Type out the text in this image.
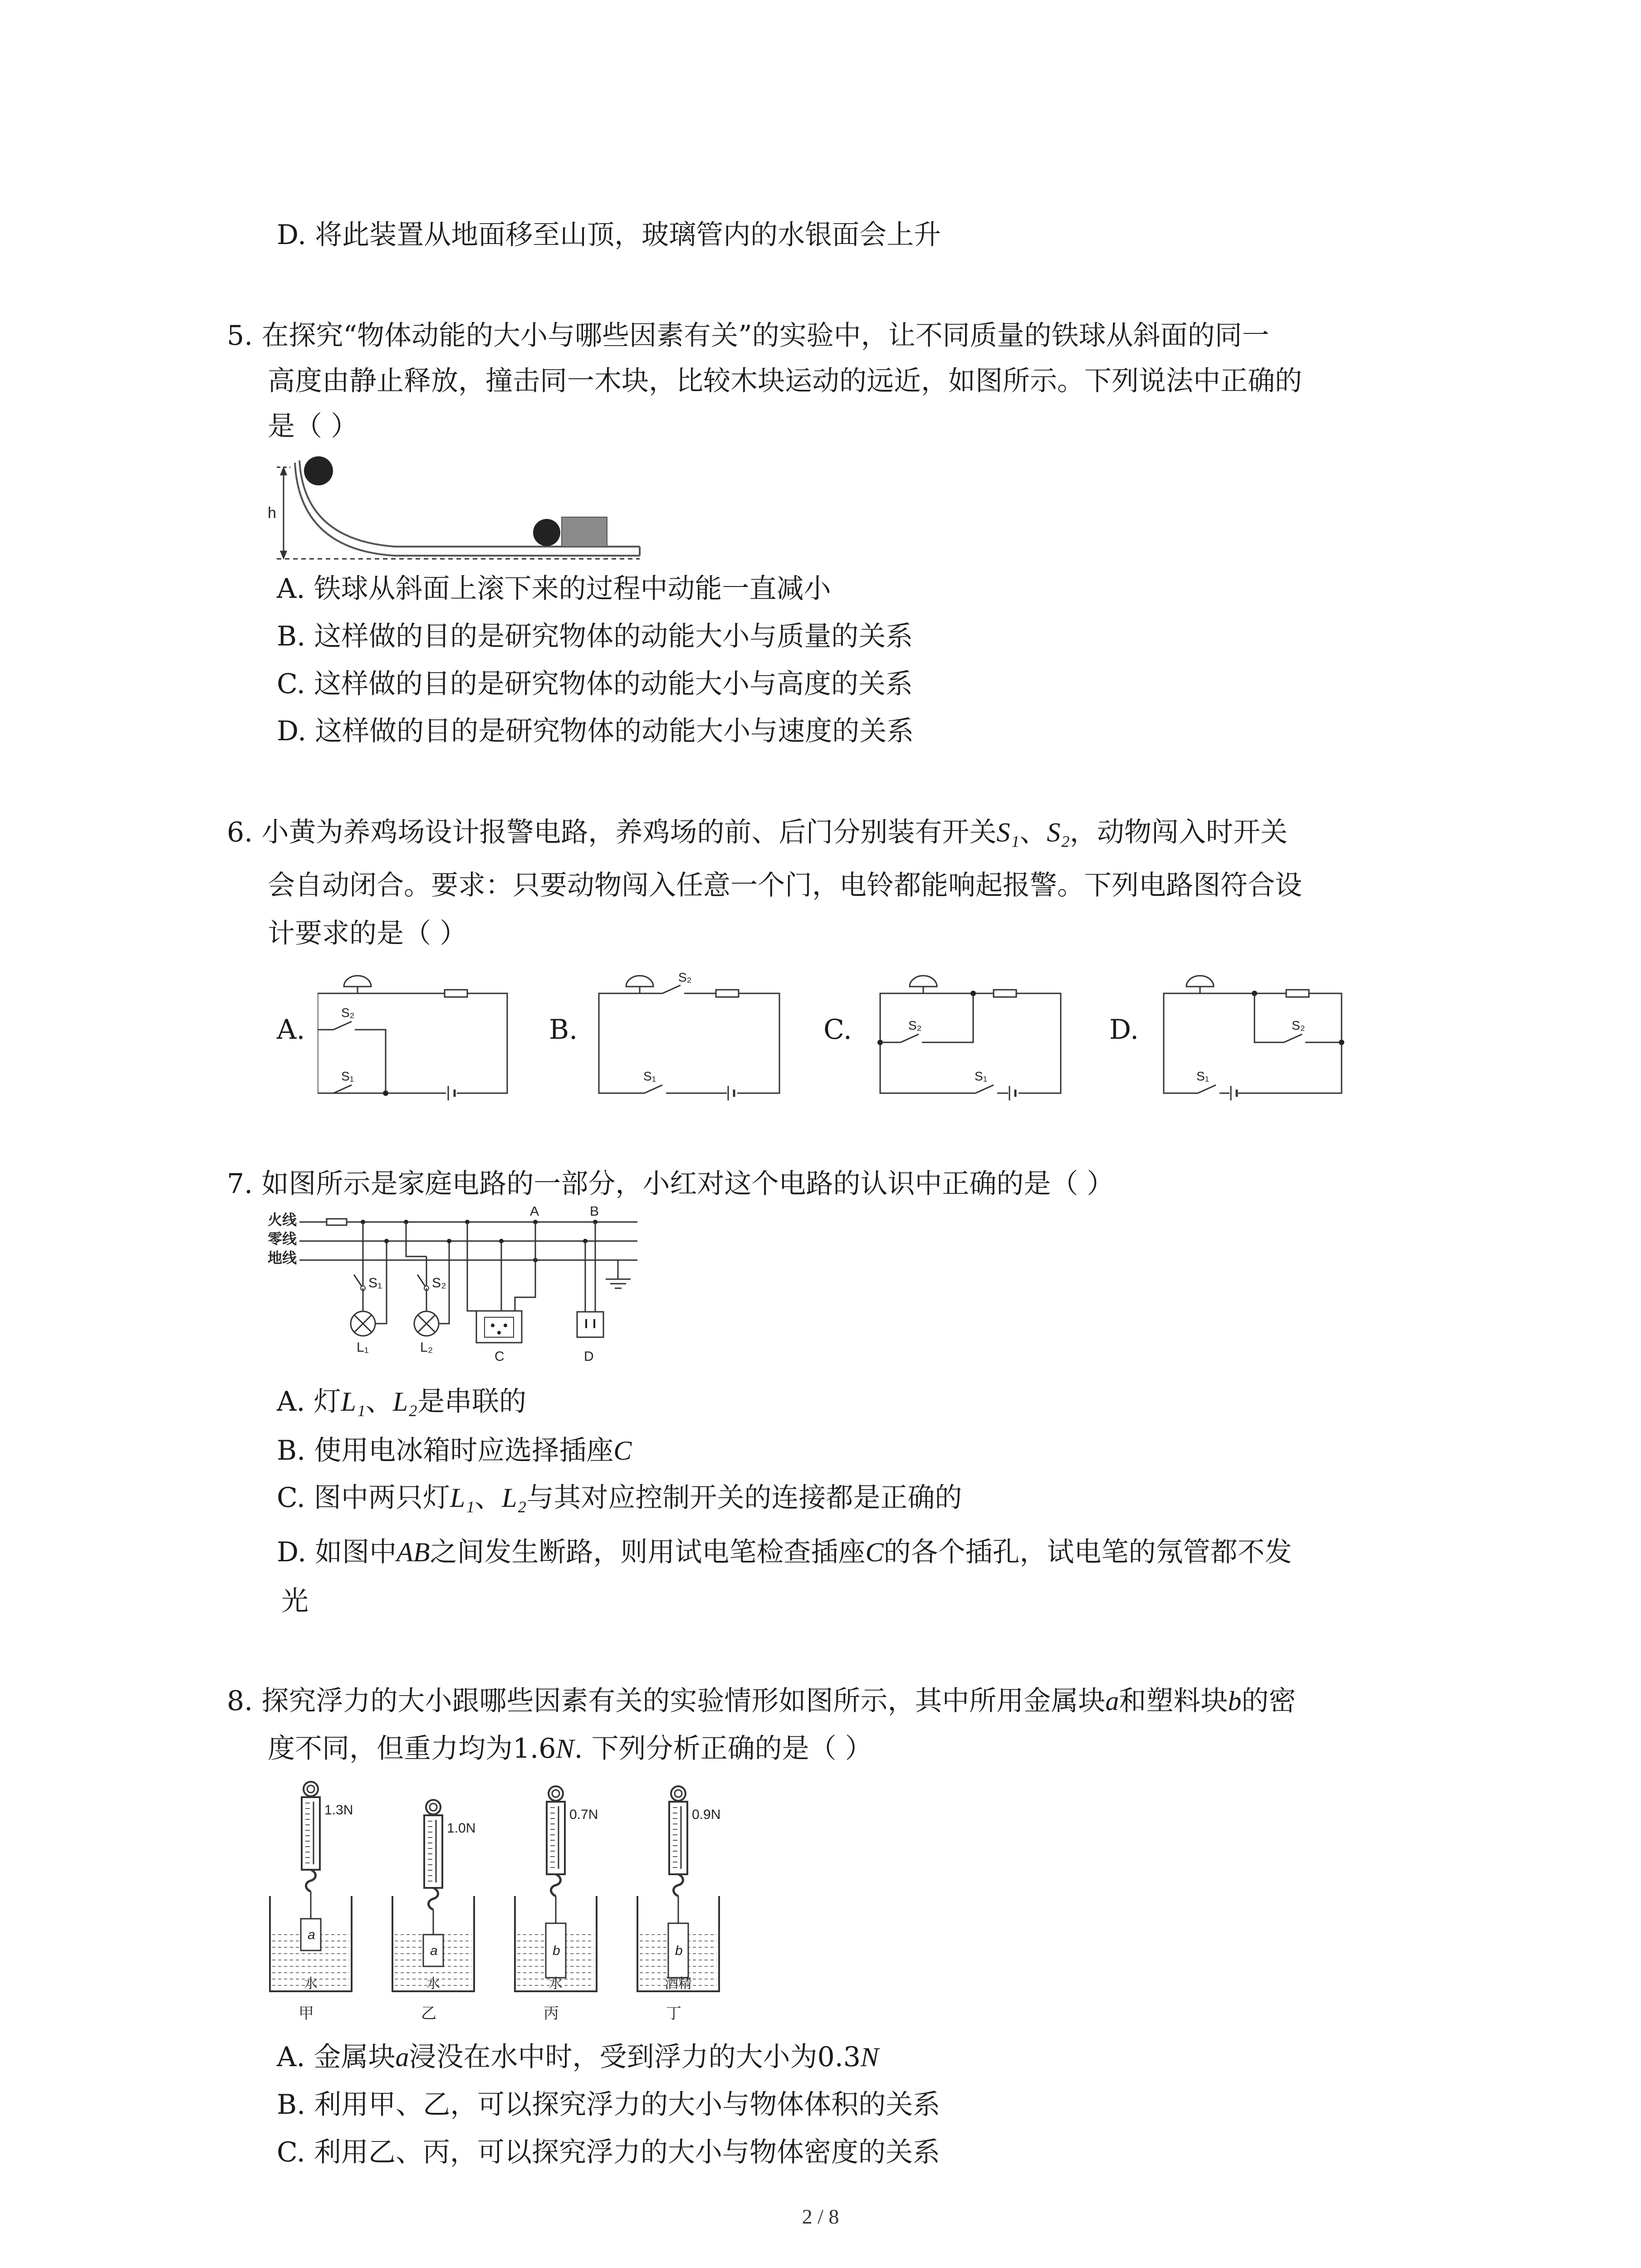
D. 将此装置从地面移至山顶，玻璃管内的水银面会上升
5. 在探究“物体动能的大小与哪些因素有关”的实验中，让不同质量的铁球从斜面的同一
高度由静止释放，撞击同一木块，比较木块运动的远近，如图所示。下列说法中正确的
是（ ）
h
A. 铁球从斜面上滚下来的过程中动能一直减小
B. 这样做的目的是研究物体的动能大小与质量的关系
C. 这样做的目的是研究物体的动能大小与高度的关系
D. 这样做的目的是研究物体的动能大小与速度的关系
6. 小黄为养鸡场设计报警电路，养鸡场的前、后门分别装有开关S₁、S₂，动物闯入时开关
会自动闭合。要求：只要动物闯入任意一个门，电铃都能响起报警。下列电路图符合设
计要求的是（ ）
A.	B.	C.	D.
S₂
S₁
S₂
S₁
S₂
S₁
S₂
S₁
7. 如图所示是家庭电路的一部分，小红对这个电路的认识中正确的是（ ）
火线
零线
地线
A	B
S₁
L₁
S₂
L₂
C	D
A. 灯L₁、L₂是串联的
B. 使用电冰箱时应选择插座C
C. 图中两只灯L₁、L₂与其对应控制开关的连接都是正确的
D. 如图中AB之间发生断路，则用试电笔检查插座C的各个插孔，试电笔的氖管都不发
光
8. 探究浮力的大小跟哪些因素有关的实验情形如图所示，其中所用金属块a和塑料块b的密
度不同，但重力均为1.6N. 下列分析正确的是（ ）
1.3N
a
水
甲
1.0N
a
水
乙
0.7N
b
水
丙
0.9N
b
酒精
丁
A. 金属块a浸没在水中时，受到浮力的大小为0.3N
B. 利用甲、乙，可以探究浮力的大小与物体体积的关系
C. 利用乙、丙，可以探究浮力的大小与物体密度的关系
2 / 8
